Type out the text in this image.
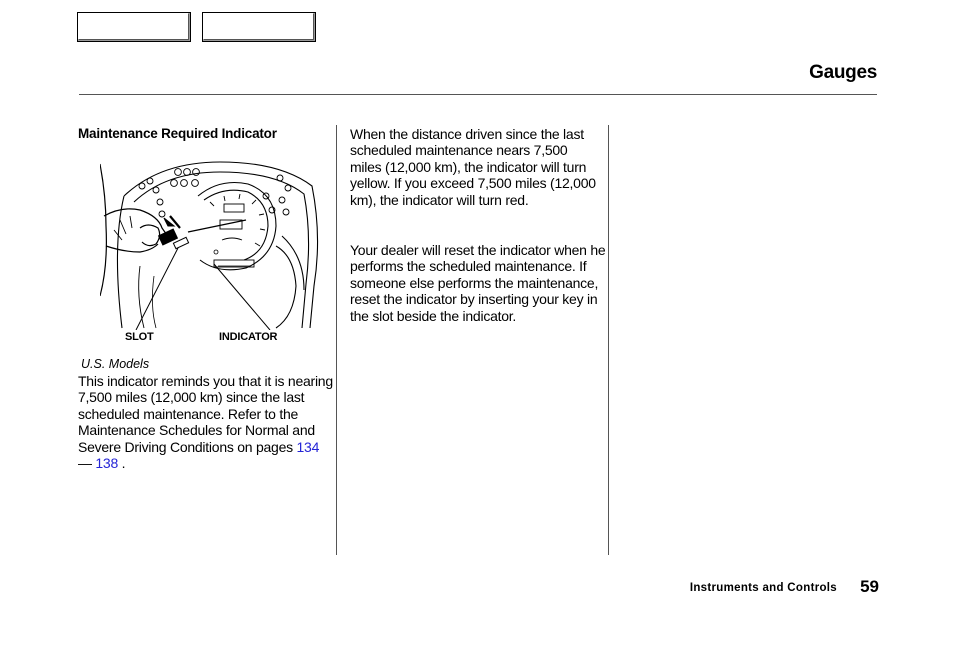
Gauges
Maintenance Required Indicator
SLOT	INDICATOR
U.S. Models
This indicator reminds you that it is nearing 7,500 miles (12,000 km) since the last scheduled maintenance. Refer to the Maintenance Schedules for Normal and Severe Driving Conditions on pages 134 — 138 .
When the distance driven since the last scheduled maintenance nears 7,500 miles (12,000 km), the indicator will turn yellow. If you exceed 7,500 miles (12,000 km), the indicator will turn red.
Your dealer will reset the indicator when he performs the scheduled maintenance. If someone else performs the maintenance, reset the indicator by inserting your key in the slot beside the indicator.
Instruments and Controls 59
